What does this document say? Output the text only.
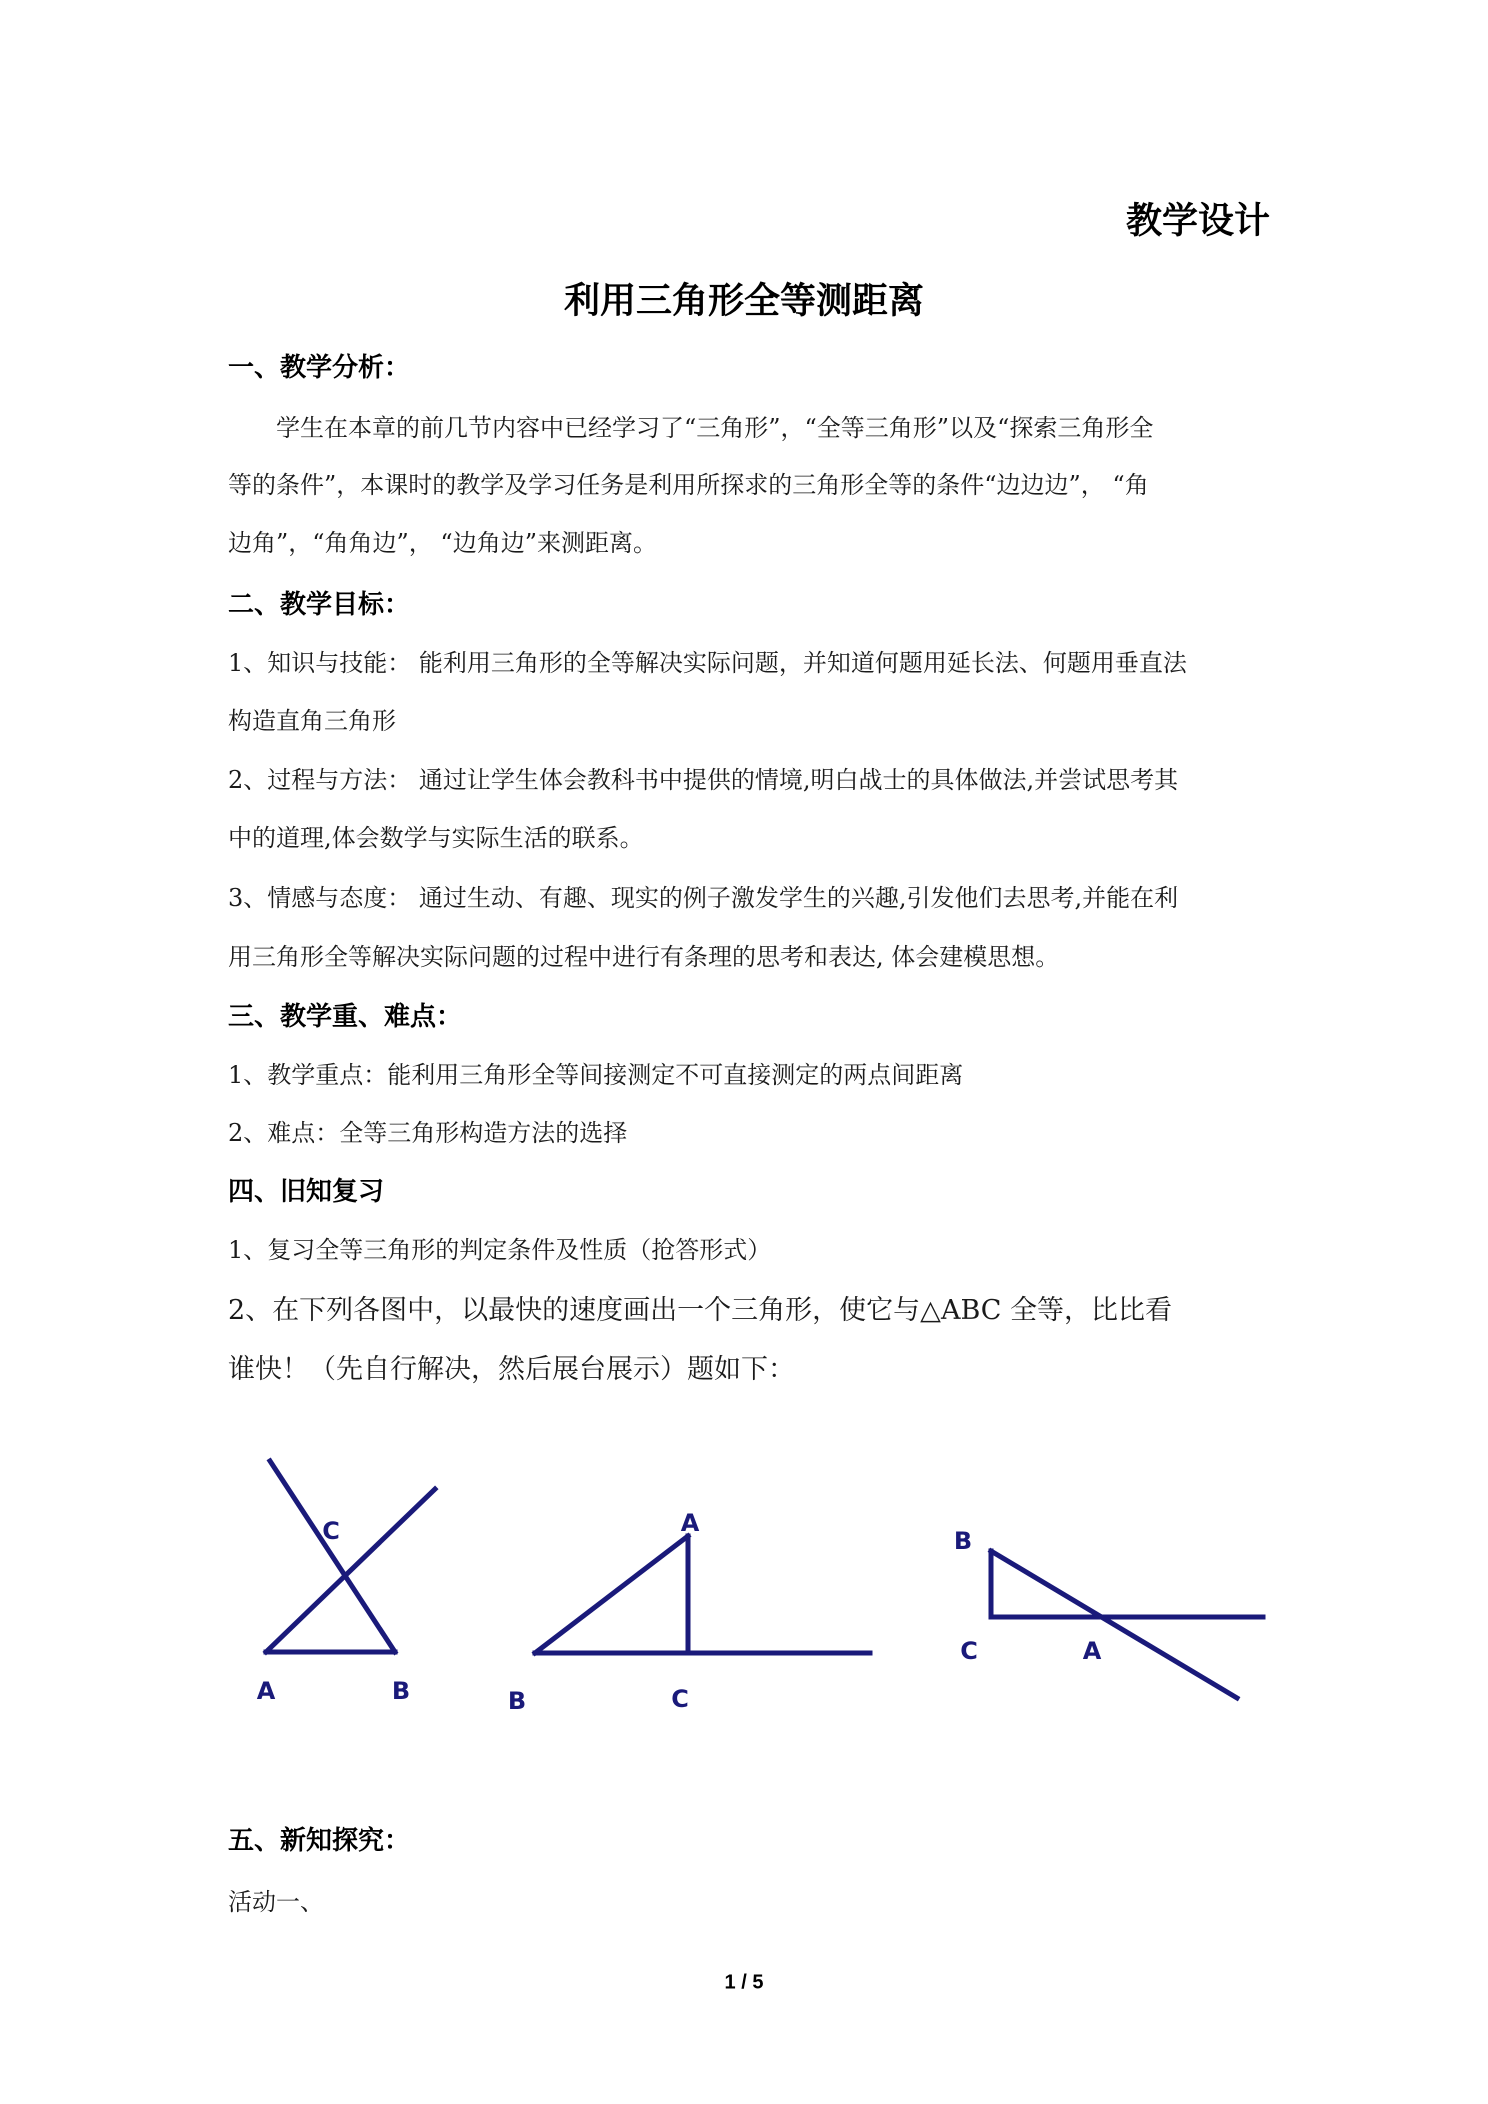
教学设计
利用三角形全等测距离
一、教学分析：
学生在本章的前几节内容中已经学习了“三角形”，“全等三角形”以及“探索三角形全
等的条件”，本课时的教学及学习任务是利用所探求的三角形全等的条件“边边边”， “角
边角”，“角角边”， “边角边”来测距离。
二、教学目标：
1、知识与技能： 能利用三角形的全等解决实际问题，并知道何题用延长法、何题用垂直法
构造直角三角形
2、过程与方法： 通过让学生体会教科书中提供的情境,明白战士的具体做法,并尝试思考其
中的道理,体会数学与实际生活的联系。
3、情感与态度： 通过生动、有趣、现实的例子激发学生的兴趣,引发他们去思考,并能在利
用三角形全等解决实际问题的过程中进行有条理的思考和表达, 体会建模思想。
三、教学重、难点：
1、教学重点：能利用三角形全等间接测定不可直接测定的两点间距离
2、难点：全等三角形构造方法的选择
四、旧知复习
1、复习全等三角形的判定条件及性质（抢答形式）
2、在下列各图中，以最快的速度画出一个三角形，使它与△ABC 全等，比比看
谁快！（先自行解决，然后展台展示）题如下：
C
A	B
A
B	C
B
C	A
五、新知探究：
活动一、
1 / 5
